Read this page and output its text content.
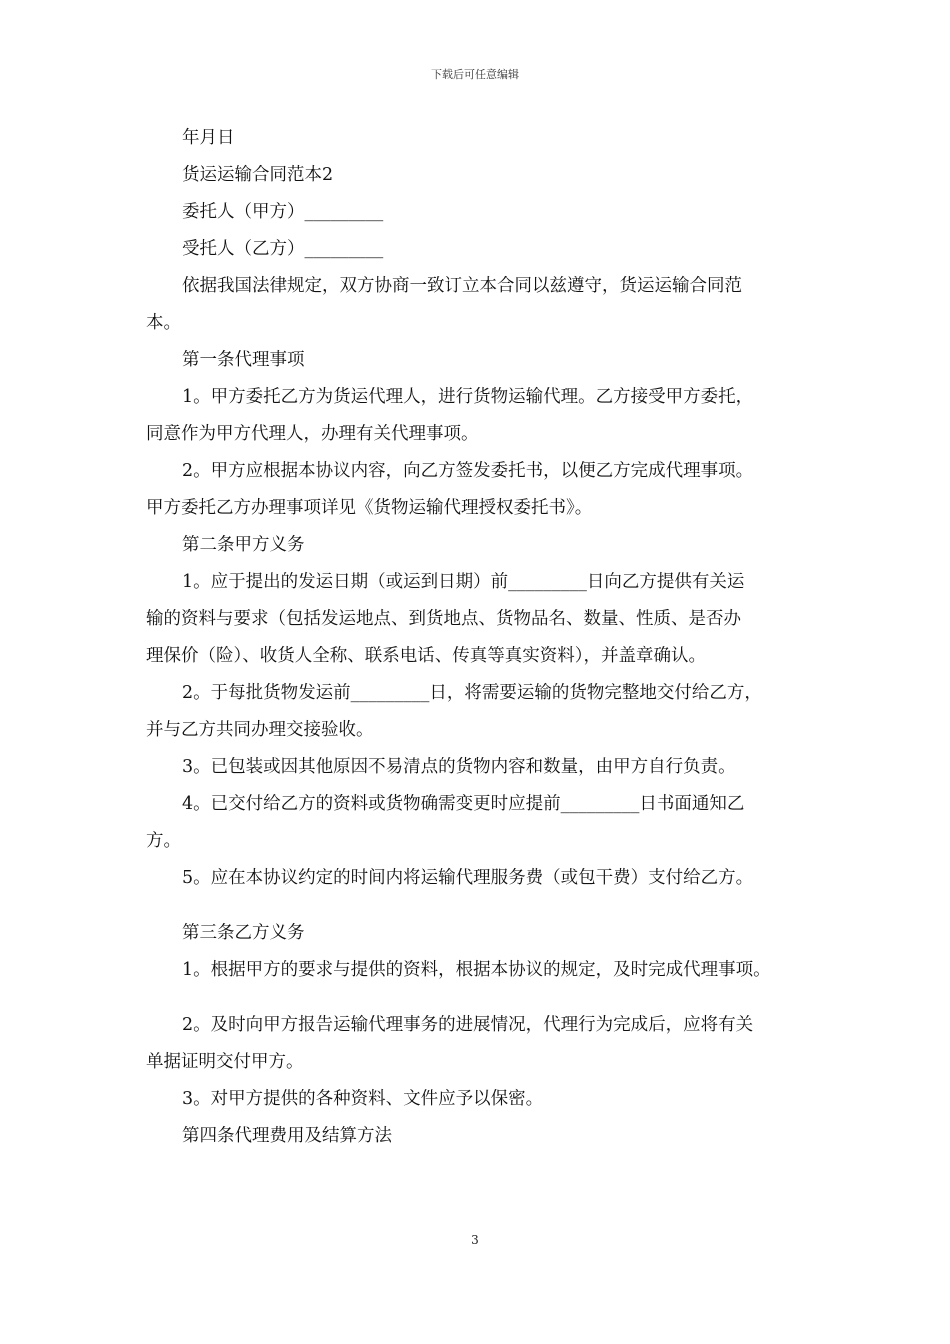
下载后可任意编辑
年月日
货运运输合同范本2
委托人（甲方）_________
受托人（乙方）_________
依据我国法律规定，双方协商一致订立本合同以兹遵守，货运运输合同范
本。
第一条代理事项
1。甲方委托乙方为货运代理人，进行货物运输代理。乙方接受甲方委托，
同意作为甲方代理人，办理有关代理事项。
2。甲方应根据本协议内容，向乙方签发委托书，以便乙方完成代理事项。
甲方委托乙方办理事项详见《货物运输代理授权委托书》。
第二条甲方义务
1。应于提出的发运日期（或运到日期）前_________日向乙方提供有关运
输的资料与要求（包括发运地点、到货地点、货物品名、数量、性质、是否办
理保价（险）、收货人全称、联系电话、传真等真实资料），并盖章确认。
2。于每批货物发运前_________日，将需要运输的货物完整地交付给乙方，
并与乙方共同办理交接验收。
3。已包装或因其他原因不易清点的货物内容和数量，由甲方自行负责。
4。已交付给乙方的资料或货物确需变更时应提前_________日书面通知乙
方。
5。应在本协议约定的时间内将运输代理服务费（或包干费）支付给乙方。
第三条乙方义务
1。根据甲方的要求与提供的资料，根据本协议的规定，及时完成代理事项。
2。及时向甲方报告运输代理事务的进展情况，代理行为完成后，应将有关
单据证明交付甲方。
3。对甲方提供的各种资料、文件应予以保密。
第四条代理费用及结算方法
3
